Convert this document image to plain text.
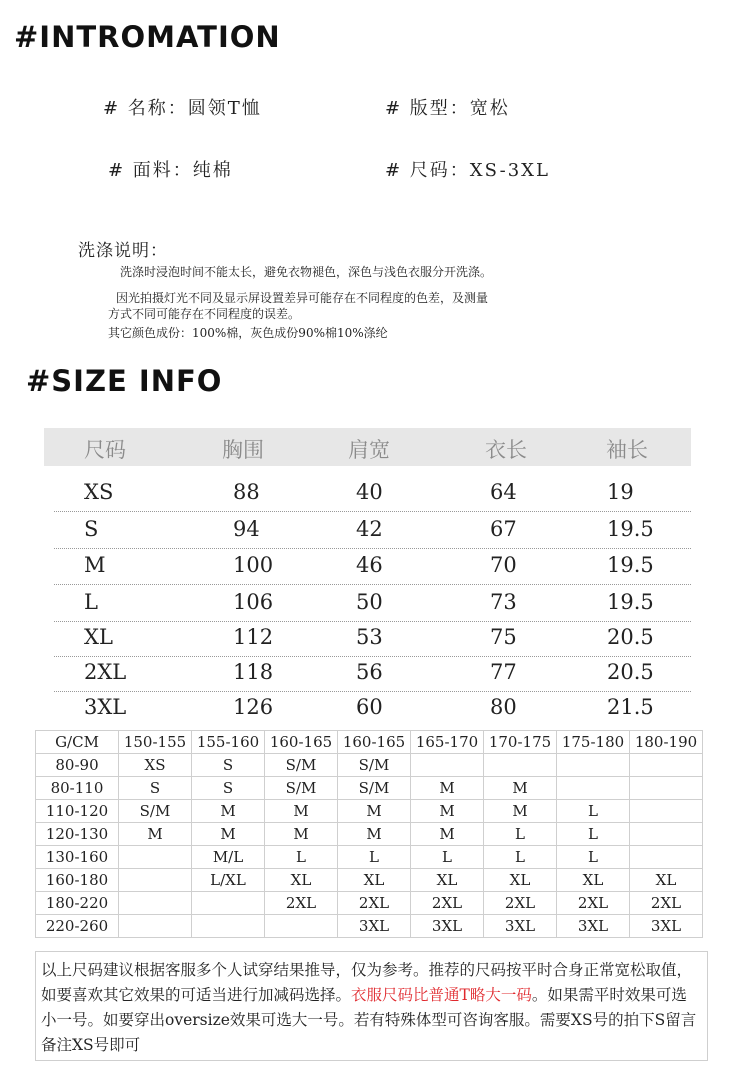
#INTROMATION
# 名称：圆领T恤	# 版型：宽松
# 面料：纯棉	# 尺码：XS-3XL
洗涤说明：
洗涤时浸泡时间不能太长，避免衣物褪色，深色与浅色衣服分开洗涤。
因光拍摄灯光不同及显示屏设置差异可能存在不同程度的色差，及测量
方式不同可能存在不同程度的误差。
其它颜色成份：100%棉，灰色成份90%棉10%涤纶
#SIZE INFO
尺码	胸围	肩宽	衣长	袖长
XS	88	40	64	19
S	94	42	67	19.5
M	100	46	70	19.5
L	106	50	73	19.5
XL	112	53	75	20.5
2XL	118	56	77	20.5
3XL	126	60	80	21.5
G/CM	150-155	155-160	160-165	160-165	165-170	170-175	175-180	180-190
80-90	XS	S	S/M	S/M				
80-110	S	S	S/M	S/M	M	M		
110-120	S/M	M	M	M	M	M	L	
120-130	M	M	M	M	M	L	L	
130-160		M/L	L	L	L	L	L	
160-180		L/XL	XL	XL	XL	XL	XL	XL
180-220			2XL	2XL	2XL	2XL	2XL	2XL
220-260				3XL	3XL	3XL	3XL	3XL
以上尺码建议根据客服多个人试穿结果推导，仅为参考。推荐的尺码按平时合身正常宽松取值，如要喜欢其它效果的可适当进行加减码选择。衣服尺码比普通T略大一码。如果需平时效果可选小一号。如要穿出oversize效果可选大一号。若有特殊体型可咨询客服。需要XS号的拍下S留言备注XS号即可
